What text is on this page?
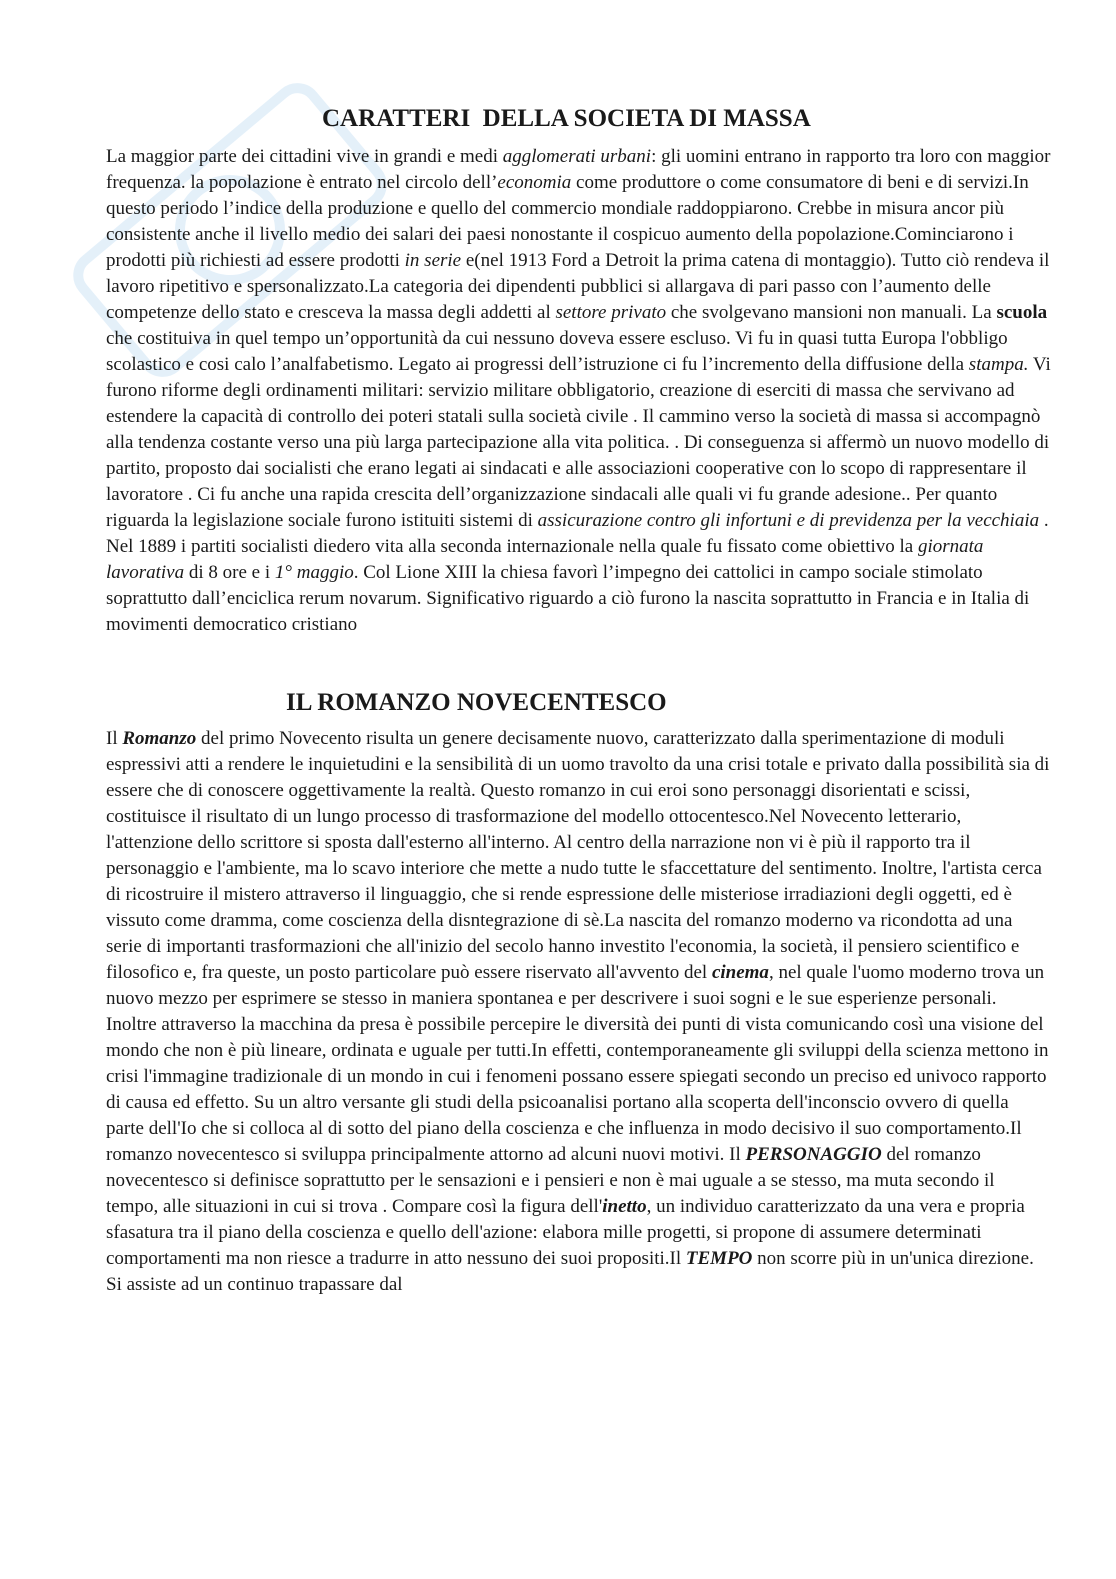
CARATTERI  DELLA SOCIETA DI MASSA

La maggior parte dei cittadini vive in grandi e medi agglomerati urbani: gli uomini entrano in rapporto tra loro con maggior frequenza. la popolazione è entrato nel circolo dell’economia come produttore o come consumatore di beni e di servizi.In questo periodo l’indice della produzione e quello del commercio mondiale raddoppiarono. Crebbe in misura ancor più consistente anche il livello medio dei salari dei paesi nonostante il cospicuo aumento della popolazione.Cominciarono i prodotti più richiesti ad essere prodotti in serie e(nel 1913 Ford a Detroit la prima catena di montaggio). Tutto ciò rendeva il lavoro ripetitivo e spersonalizzato.La categoria dei dipendenti pubblici si allargava di pari passo con l’aumento delle competenze dello stato e cresceva la massa degli addetti al settore privato che svolgevano mansioni non manuali. La scuola che costituiva in quel tempo un’opportunità da cui nessuno doveva essere escluso. Vi fu in quasi tutta Europa l'obbligo scolastico e cosi calo l’analfabetismo. Legato ai progressi dell’istruzione ci fu l’incremento della diffusione della stampa. Vi furono riforme degli ordinamenti militari: servizio militare obbligatorio, creazione di eserciti di massa che servivano ad estendere la capacità di controllo dei poteri statali sulla società civile . Il cammino verso la società di massa si accompagnò alla tendenza costante verso una più larga partecipazione alla vita politica. . Di conseguenza si affermò un nuovo modello di partito, proposto dai socialisti che erano legati ai sindacati e alle associazioni cooperative con lo scopo di rappresentare il lavoratore . Ci fu anche una rapida crescita dell’organizzazione sindacali alle quali vi fu grande adesione.. Per quanto riguarda la legislazione sociale furono istituiti sistemi di assicurazione contro gli infortuni e di previdenza per la vecchiaia . Nel 1889 i partiti socialisti diedero vita alla seconda internazionale nella quale fu fissato come obiettivo la giornata lavorativa di 8 ore e i 1° maggio. Col Lione XIII la chiesa favorì l’impegno dei cattolici in campo sociale stimolato soprattutto dall’enciclica rerum novarum. Significativo riguardo a ciò furono la nascita soprattutto in Francia e in Italia di movimenti democratico cristiano

IL ROMANZO NOVECENTESCO

Il Romanzo del primo Novecento risulta un genere decisamente nuovo, caratterizzato dalla sperimentazione di moduli espressivi atti a rendere le inquietudini e la sensibilità di un uomo travolto da una crisi totale e privato dalla possibilità sia di essere che di conoscere oggettivamente la realtà. Questo romanzo in cui eroi sono personaggi disorientati e scissi, costituisce il risultato di un lungo processo di trasformazione del modello ottocentesco.Nel Novecento letterario, l'attenzione dello scrittore si sposta dall'esterno all'interno. Al centro della narrazione non vi è più il rapporto tra il personaggio e l'ambiente, ma lo scavo interiore che mette a nudo tutte le sfaccettature del sentimento. Inoltre, l'artista cerca di ricostruire il mistero attraverso il linguaggio, che si rende espressione delle misteriose irradiazioni degli oggetti, ed è vissuto come dramma, come coscienza della disntegrazione di sè.La nascita del romanzo moderno va ricondotta ad una serie di importanti trasformazioni che all'inizio del secolo hanno investito l'economia, la società, il pensiero scientifico e filosofico e, fra queste, un posto particolare può essere riservato all'avvento del cinema, nel quale l'uomo moderno trova un nuovo mezzo per esprimere se stesso in maniera spontanea e per descrivere i suoi sogni e le sue esperienze personali. Inoltre attraverso la macchina da presa è possibile percepire le diversità dei punti di vista comunicando così una visione del mondo che non è più lineare, ordinata e uguale per tutti.In effetti, contemporaneamente gli sviluppi della scienza mettono in crisi l'immagine tradizionale di un mondo in cui i fenomeni possano essere spiegati secondo un preciso ed univoco rapporto di causa ed effetto. Su un altro versante gli studi della psicoanalisi portano alla scoperta dell'inconscio ovvero di quella parte dell'Io che si colloca al di sotto del piano della coscienza e che influenza in modo decisivo il suo comportamento.Il romanzo novecentesco si sviluppa principalmente attorno ad alcuni nuovi motivi. Il PERSONAGGIO del romanzo novecentesco si definisce soprattutto per le sensazioni e i pensieri e non è mai uguale a se stesso, ma muta secondo il tempo, alle situazioni in cui si trova . Compare così la figura dell'inetto, un individuo caratterizzato da una vera e propria sfasatura tra il piano della coscienza e quello dell'azione: elabora mille progetti, si propone di assumere determinati comportamenti ma non riesce a tradurre in atto nessuno dei suoi propositi.Il TEMPO non scorre più in un'unica direzione. Si assiste ad un continuo trapassare dal
